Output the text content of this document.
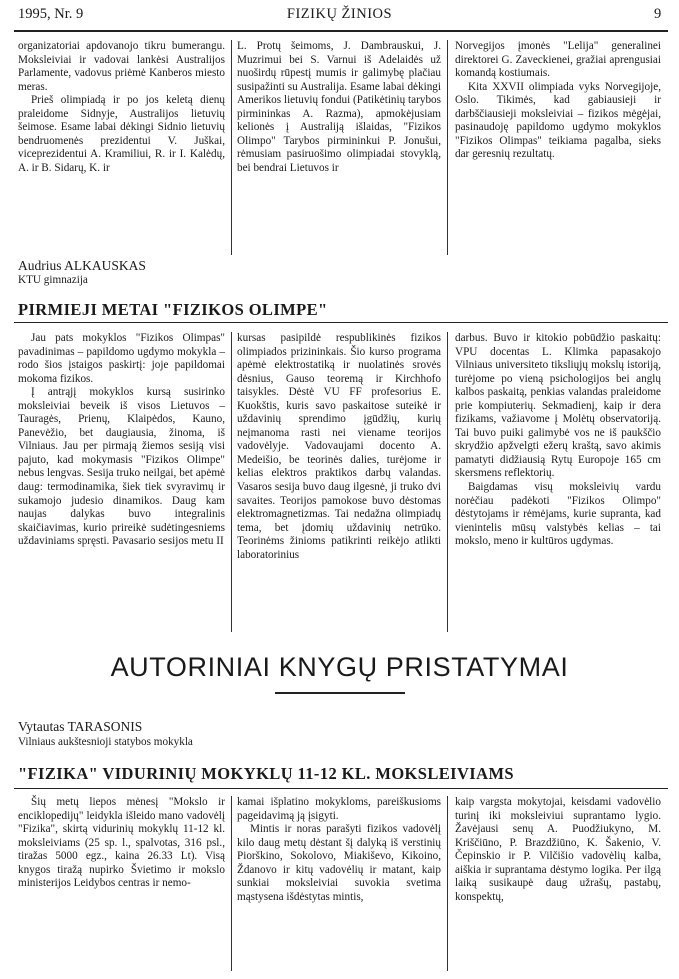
1995, Nr. 9	FIZIKŲ ŽINIOS	9

organizatoriai apdovanojo tikru bumerangu. Moksleiviai ir vadovai lankėsi Australijos Parlamente, vadovus priėmė Kanberos miesto meras.

Prieš olimpiadą ir po jos keletą dienų praleidome Sidnyje, Australijos lietuvių šeimose. Esame labai dėkingi Sidnio lietuvių bendruomenės prezidentui V. Juškai, viceprezidentui A. Kramiliui, R. ir I. Kalėdų, A. ir B. Sidarų, K. ir

L. Protų šeimoms, J. Dambrauskui, J. Muzrimui bei S. Varnui iš Adelaidės už nuoširdų rūpestį mumis ir galimybę plačiau susipažinti su Australija. Esame labai dėkingi Amerikos lietuvių fondui (Patikėtinių tarybos pirmininkas A. Razma), apmokėjusiam kelionės į Australiją išlaidas, "Fizikos Olimpo" Tarybos pirmininkui P. Jonušui, rėmusiam pasiruošimo olimpiadai stovyklą, bei bendrai Lietuvos ir

Norvegijos įmonės "Lelija" generalinei direktorei G. Zaveckienei, gražiai aprengusiai komandą kostiumais.

Kita XXVII olimpiada vyks Norvegijoje, Oslo. Tikimės, kad gabiausieji ir darbščiausieji moksleiviai – fizikos mėgėjai, pasinaudoję papildomo ugdymo mokyklos "Fizikos Olimpas" teikiama pagalba, sieks dar geresnių rezultatų.

Audrius ALKAUSKAS
KTU gimnazija
PIRMIEJI METAI "FIZIKOS OLIMPE"

Jau pats mokyklos "Fizikos Olimpas" pavadinimas – papildomo ugdymo mokykla – rodo šios įstaigos paskirtį: joje papildomai mokoma fizikos.

Į antrąjį mokyklos kursą susirinko moksleiviai beveik iš visos Lietuvos – Tauragės, Prienų, Klaipėdos, Kauno, Panevėžio, bet daugiausia, žinoma, iš Vilniaus. Jau per pirmają žiemos sesiją visi pajuto, kad mokymasis "Fizikos Olimpe" nebus lengvas. Sesija truko neilgai, bet apėmė daug: termodinamika, šiek tiek svyravimų ir sukamojo judesio dinamikos. Daug kam naujas dalykas buvo integralinis skaičiavimas, kurio prireikė sudėtingesniems uždaviniams spręsti. Pavasario sesijos metu II

kursas pasipildė respublikinės fizikos olimpiados prizininkais. Šio kurso programa apėmė elektrostatiką ir nuolatinės srovės dėsnius, Gauso teoremą ir Kirchhofo taisykles. Dėstė VU FF profesorius E. Kuokštis, kuris savo paskaitose suteikė ir uždavinių sprendimo įgūdžių, kurių neįmanoma rasti nei viename teorijos vadovėlyje. Vadovaujami docento A. Medeišio, be teorinės dalies, turėjome ir kelias elektros praktikos darbų valandas. Vasaros sesija buvo daug ilgesnė, ji truko dvi savaites. Teorijos pamokose buvo dėstomas elektromagnetizmas. Tai nedažna olimpiadų tema, bet įdomių uždavinių netrūko. Teorinėms žinioms patikrinti reikėjo atlikti laboratorinius

darbus. Buvo ir kitokio pobūdžio paskaitų: VPU docentas L. Klimka papasakojo Vilniaus universiteto tiksliųjų mokslų istoriją, turėjome po vieną psichologijos bei anglų kalbos paskaitą, penkias valandas praleidome prie kompiuterių. Sekmadienį, kaip ir dera fizikams, važiavome į Molėtų observatoriją. Tai buvo puiki galimybė vos ne iš paukščio skrydžio apžvelgti ežerų kraštą, savo akimis pamatyti didžiausią Rytų Europoje 165 cm skersmens reflektorių.

Baigdamas visų moksleivių vardu norėčiau padėkoti "Fizikos Olimpo" dėstytojams ir rėmėjams, kurie supranta, kad vienintelis mūsų valstybės kelias – tai mokslo, meno ir kultūros ugdymas.

AUTORINIAI KNYGŲ PRISTATYMAI
Vytautas TARASONIS
Vilniaus aukštesnioji statybos mokykla
"FIZIKA" VIDURINIŲ MOKYKLŲ 11-12 KL. MOKSLEIVIAMS

Šių metų liepos mėnesį "Mokslo ir enciklopedijų" leidykla išleido mano vadovėlį "Fizika", skirtą vidurinių mokyklų 11-12 kl. moksleiviams (25 sp. l., spalvotas, 316 psl., tiražas 5000 egz., kaina 26.33 Lt). Visą knygos tiražą nupirko Švietimo ir mokslo ministerijos Leidybos centras ir nemo-

kamai išplatino mokykloms, pareiškusioms pageidavimą ją įsigyti.

Mintis ir noras parašyti fizikos vadovėlį kilo daug metų dėstant šį dalyką iš verstinių Piorškino, Sokolovo, Miakiševo, Kikoino, Ždanovo ir kitų vadovėlių ir matant, kaip sunkiai moksleiviai suvokia svetima mąstysena išdėstytas mintis,

kaip vargsta mokytojai, keisdami vadovėlio turinį iki moksleiviui suprantamo lygio. Žavėjausi senų A. Puodžiukyno, M. Kriščiūno, P. Brazdžiūno, K. Šakenio, V. Čepinskio ir P. Vilčišio vadovėlių kalba, aiškia ir suprantama dėstymo logika. Per ilgą laiką susikaupė daug užrašų, pastabų, konspektų,
